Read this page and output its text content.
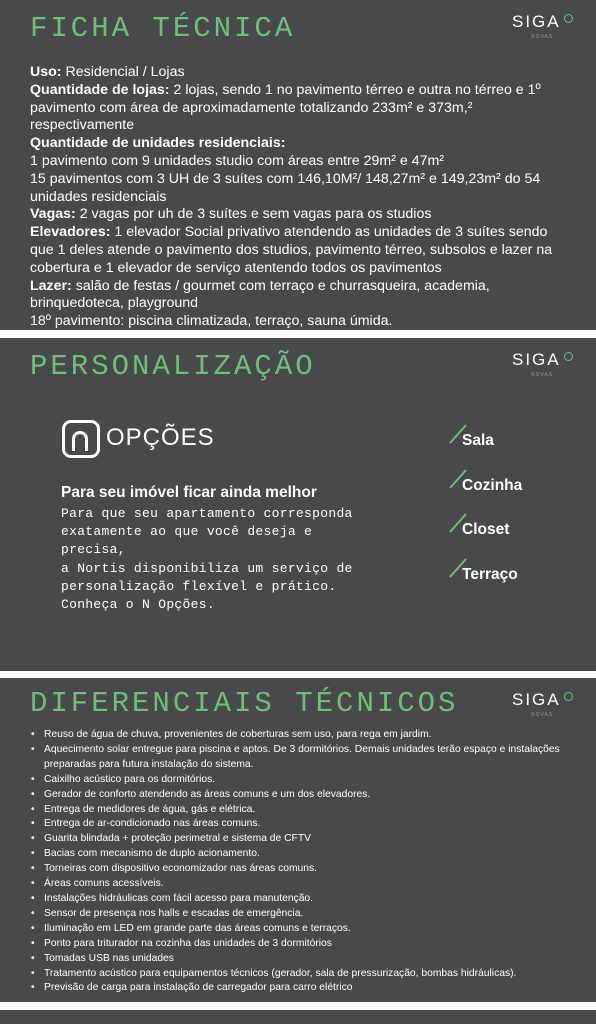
FICHA TÉCNICA	SIGA
NOVAS

Uso: Residencial / Lojas

Quantidade de lojas: 2 lojas, sendo 1 no pavimento térreo e outra no térreo e 1º pavimento com área de aproximadamente totalizando 233m² e 373m,² respectivamente

Quantidade de unidades residenciais:

1 pavimento com 9 unidades studio com áreas entre 29m² e 47m²

15 pavimentos com 3 UH de 3 suítes com 146,10M²/ 148,27m² e 149,23m² do 54 unidades residenciais

Vagas: 2 vagas por uh de 3 suítes e sem vagas para os studios

Elevadores: 1 elevador Social privativo atendendo as unidades de 3 suítes sendo que 1 deles atende o pavimento dos studios, pavimento térreo, subsolos e lazer na cobertura e 1 elevador de serviço atentendo todos os pavimentos

Lazer: salão de festas / gourmet com terraço e churrasqueira, academia, brinquedoteca, playground

18º pavimento: piscina climatizada, terraço, sauna úmida.

PERSONALIZAÇÃO	SIGA
NOVAS
OPÇÕES
Para seu imóvel ficar ainda melhor
Para que seu apartamento corresponda
exatamente ao que você deseja e
precisa,
a Nortis disponibiliza um serviço de
personalização flexível e prático.
Conheça o N Opções.
Sala
Cozinha
Closet
Terraço
DIFERENCIAIS TÉCNICOS	SIGA
NOVAS
• Reuso de água de chuva, provenientes de coberturas sem uso, para rega em jardim.
• Aquecimento solar entregue para piscina e aptos. De 3 dormitórios. Demais unidades terão espaço e instalações preparadas para futura instalação do sistema.
• Caixilho acústico para os dormitórios.
• Gerador de conforto atendendo as áreas comuns e um dos elevadores.
• Entrega de medidores de água, gás e elétrica.
• Entrega de ar-condicionado nas áreas comuns.
• Guarita blindada + proteção perimetral e sistema de CFTV
• Bacias com mecanismo de duplo acionamento.
• Torneiras com dispositivo economizador nas áreas comuns.
• Áreas comuns acessíveis.
• Instalações hidráulicas com fácil acesso para manutenção.
• Sensor de presença nos halls e escadas de emergência.
• Iluminação em LED em grande parte das áreas comuns e terraços.
• Ponto para triturador na cozinha das unidades de 3 dormitórios
• Tomadas USB nas unidades
• Tratamento acústico para equipamentos técnicos (gerador, sala de pressurização, bombas hidráulicas).
• Previsão de carga para instalação de carregador para carro elétrico
